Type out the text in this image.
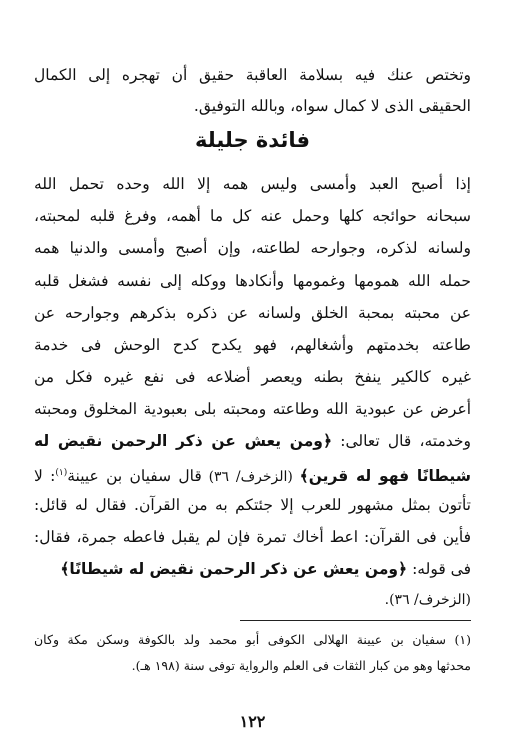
وتختص عنك فيه بسلامة العاقبة حقيق أن تهجره إلى الكمال
الحقيقى الذى لا كمال سواه، وبالله التوفيق.
فائدة جليلة
إذا أصبح العبد وأمسى وليس همه إلا الله وحده تحمل الله
سبحانه حوائجه كلها وحمل عنه كل ما أهمه، وفرغ قلبه لمحبته،
ولسانه لذكره، وجوارحه لطاعته، وإن أصبح وأمسى والدنيا همه
حمله الله همومها وغمومها وأنكادها ووكله إلى نفسه فشغل قلبه
عن محبته بمحبة الخلق ولسانه عن ذكره بذكرهم وجوارحه عن
طاعته بخدمتهم وأشغالهم، فهو يكدح كدح الوحش فى خدمة
غيره كالكير ينفخ بطنه ويعصر أضلاعه فى نفع غيره فكل من
أعرض عن عبودية الله وطاعته ومحبته بلى بعبودية المخلوق ومحبته
وخدمته، قال تعالى: ﴿ومن يعش عن ذكر الرحمن نقيض له
شيطانًا فهو له قرين﴾ (الزخرف/ ٣٦) قال سفيان بن عيينة$^{(١)}$: لا
تأتون بمثل مشهور للعرب إلا جئتكم به من القرآن. فقال له قائل:
فأين فى القرآن: اعط أخاك تمرة فإن لم يقبل فاعطه جمرة، فقال:
فى قوله: ﴿ومن يعش عن ذكر الرحمن نقيض له شيطانًا﴾
(الزخرف/ ٣٦).
(١) سفيان بن عيينة الهلالى الكوفى أبو محمد ولد بالكوفة وسكن مكة وكان
محدثها وهو من كبار الثقات فى العلم والرواية توفى سنة (١٩٨ هـ).
١٢٢
